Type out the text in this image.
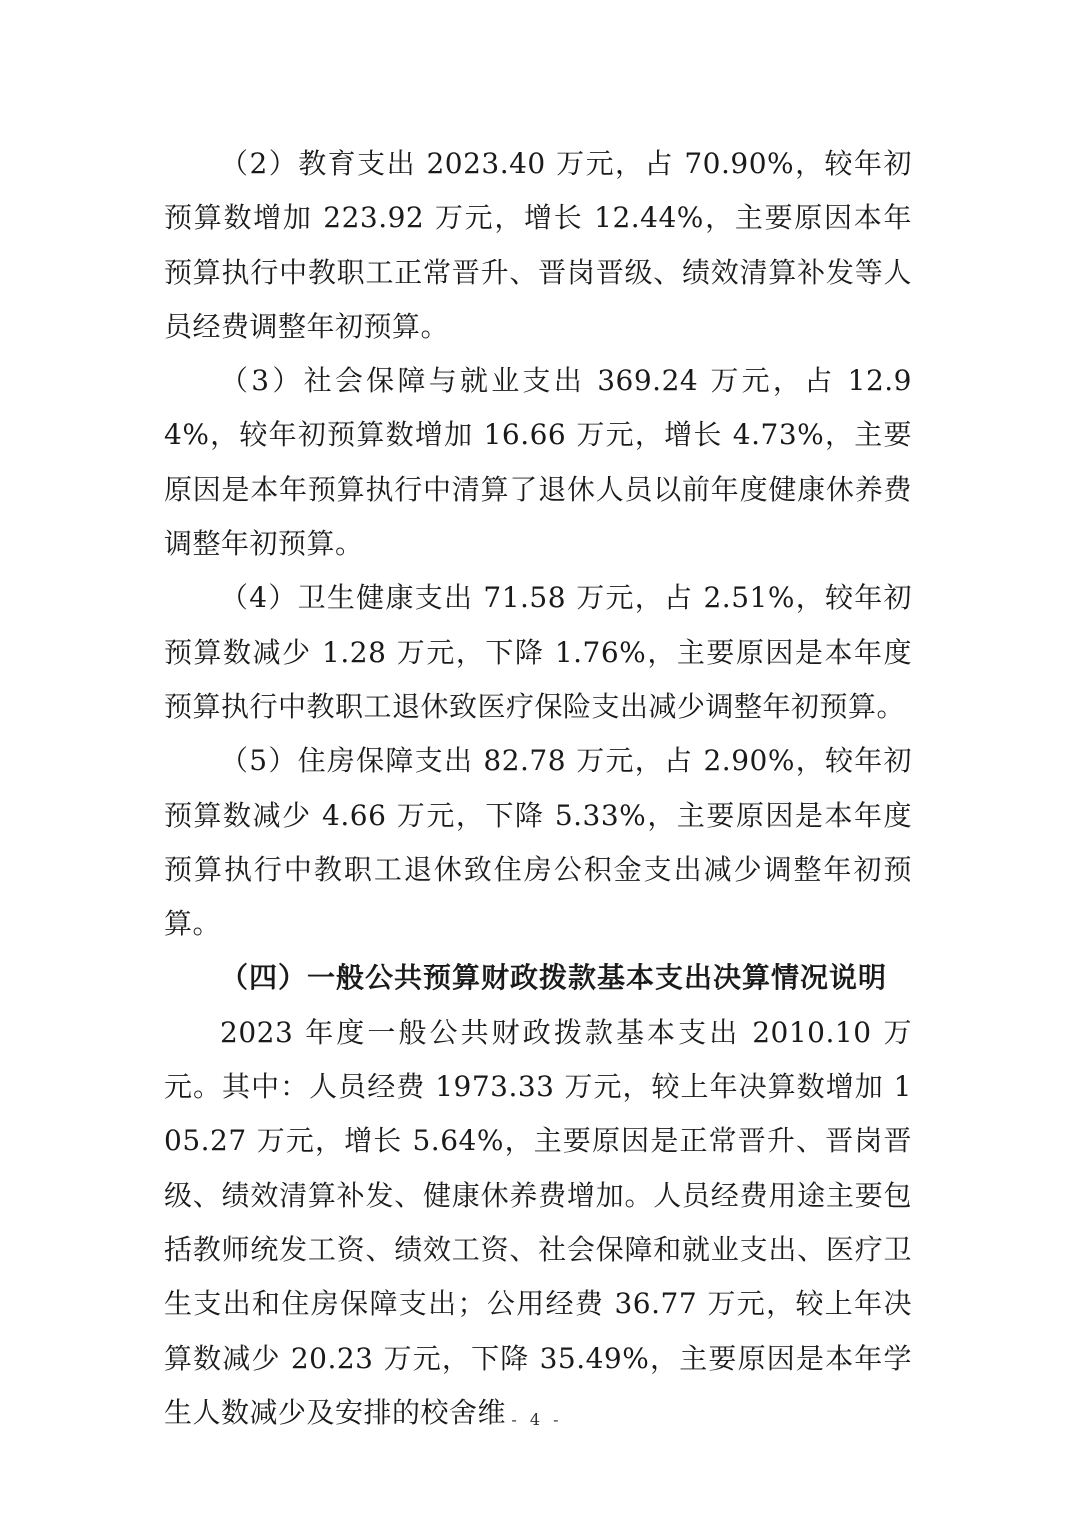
（2）教育支出 2023.40 万元，占 70.90%，较年初预算数增加 223.92 万元，增长 12.44%，主要原因本年预算执行中教职工正常晋升、晋岗晋级、绩效清算补发等人员经费调整年初预算。

（3）社会保障与就业支出 369.24 万元，占 12.94%，较年初预算数增加 16.66 万元，增长 4.73%，主要原因是本年预算执行中清算了退休人员以前年度健康休养费调整年初预算。

（4）卫生健康支出 71.58 万元，占 2.51%，较年初预算数减少 1.28 万元，下降 1.76%，主要原因是本年度预算执行中教职工退休致医疗保险支出减少调整年初预算。

（5）住房保障支出 82.78 万元，占 2.90%，较年初预算数减少 4.66 万元，下降 5.33%，主要原因是本年度预算执行中教职工退休致住房公积金支出减少调整年初预算。

（四）一般公共预算财政拨款基本支出决算情况说明

2023 年度一般公共财政拨款基本支出 2010.10 万元。其中：人员经费 1973.33 万元，较上年决算数增加 105.27 万元，增长 5.64%，主要原因是正常晋升、晋岗晋级、绩效清算补发、健康休养费增加。人员经费用途主要包括教师统发工资、绩效工资、社会保障和就业支出、医疗卫生支出和住房保障支出；公用经费 36.77 万元，较上年决算数减少 20.23 万元，下降 35.49%，主要原因是本年学生人数减少及安排的校舍维 - 4 -
